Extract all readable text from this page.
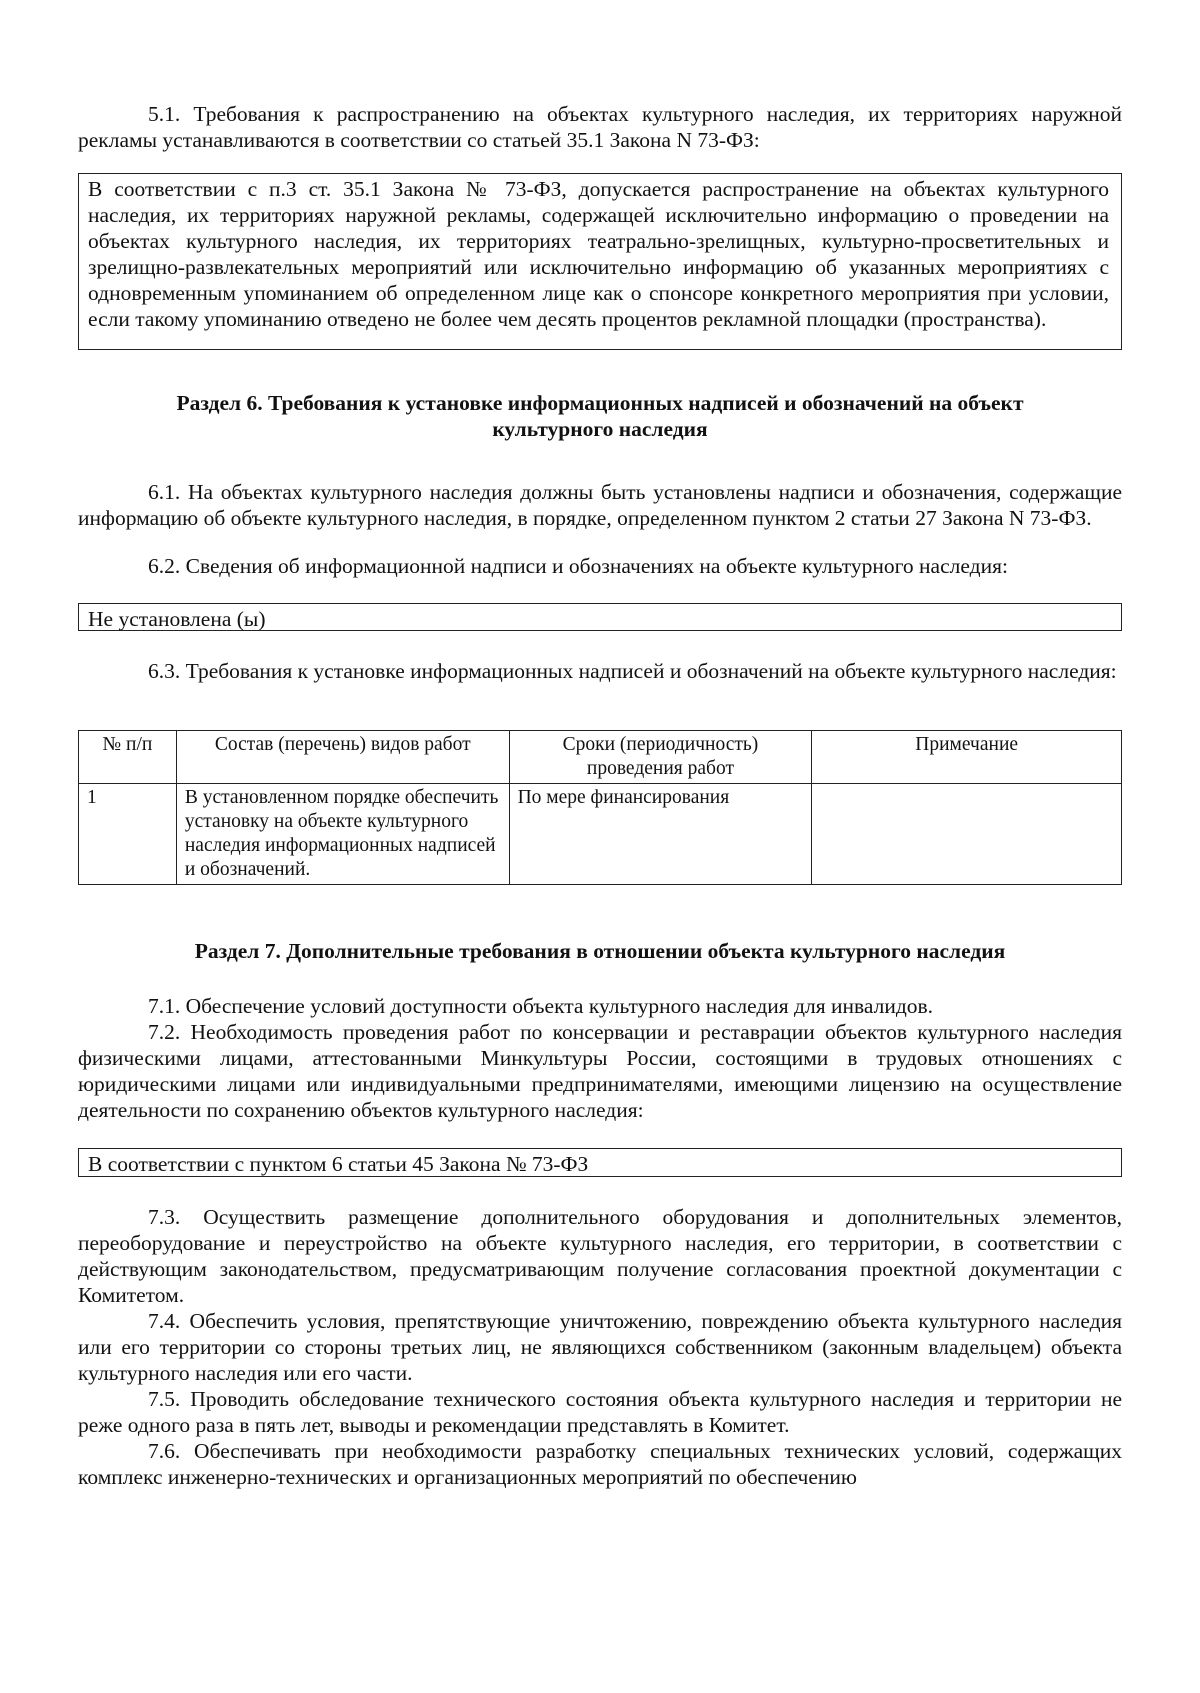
5.1. Требования к распространению на объектах культурного наследия, их территориях наружной рекламы устанавливаются в соответствии со статьей 35.1 Закона N 73-ФЗ:

В соответствии с п.3 ст. 35.1 Закона № 73-ФЗ, допускается распространение на объектах культурного наследия, их территориях наружной рекламы, содержащей исключительно информацию о проведении на объектах культурного наследия, их территориях театрально-зрелищных, культурно-просветительных и зрелищно-развлекательных мероприятий или исключительно информацию об указанных мероприятиях с одновременным упоминанием об определенном лице как о спонсоре конкретного мероприятия при условии, если такому упоминанию отведено не более чем десять процентов рекламной площадки (пространства).

Раздел 6. Требования к установке информационных надписей и обозначений на объект культурного наследия

6.1. На объектах культурного наследия должны быть установлены надписи и обозначения, содержащие информацию об объекте культурного наследия, в порядке, определенном пунктом 2 статьи 27 Закона N 73-ФЗ.

6.2. Сведения об информационной надписи и обозначениях на объекте культурного наследия:

Не установлена (ы)

6.3. Требования к установке информационных надписей и обозначений на объекте культурного наследия:

№ п/п	Состав (перечень) видов работ	Сроки (периодичность) проведения работ	Примечание
1	В установленном порядке обеспечить установку на объекте культурного наследия информационных надписей и обозначений.	По мере финансирования	
Раздел 7. Дополнительные требования в отношении объекта культурного наследия

7.1. Обеспечение условий доступности объекта культурного наследия для инвалидов.

7.2. Необходимость проведения работ по консервации и реставрации объектов культурного наследия физическими лицами, аттестованными Минкультуры России, состоящими в трудовых отношениях с юридическими лицами или индивидуальными предпринимателями, имеющими лицензию на осуществление деятельности по сохранению объектов культурного наследия:

В соответствии с пунктом 6 статьи 45 Закона № 73-ФЗ

7.3. Осуществить размещение дополнительного оборудования и дополнительных элементов, переоборудование и переустройство на объекте культурного наследия, его территории, в соответствии с действующим законодательством, предусматривающим получение согласования проектной документации с Комитетом.

7.4. Обеспечить условия, препятствующие уничтожению, повреждению объекта культурного наследия или его территории со стороны третьих лиц, не являющихся собственником (законным владельцем) объекта культурного наследия или его части.

7.5. Проводить обследование технического состояния объекта культурного наследия и территории не реже одного раза в пять лет, выводы и рекомендации представлять в Комитет.

7.6. Обеспечивать при необходимости разработку специальных технических условий, содержащих комплекс инженерно-технических и организационных мероприятий по обеспечению
